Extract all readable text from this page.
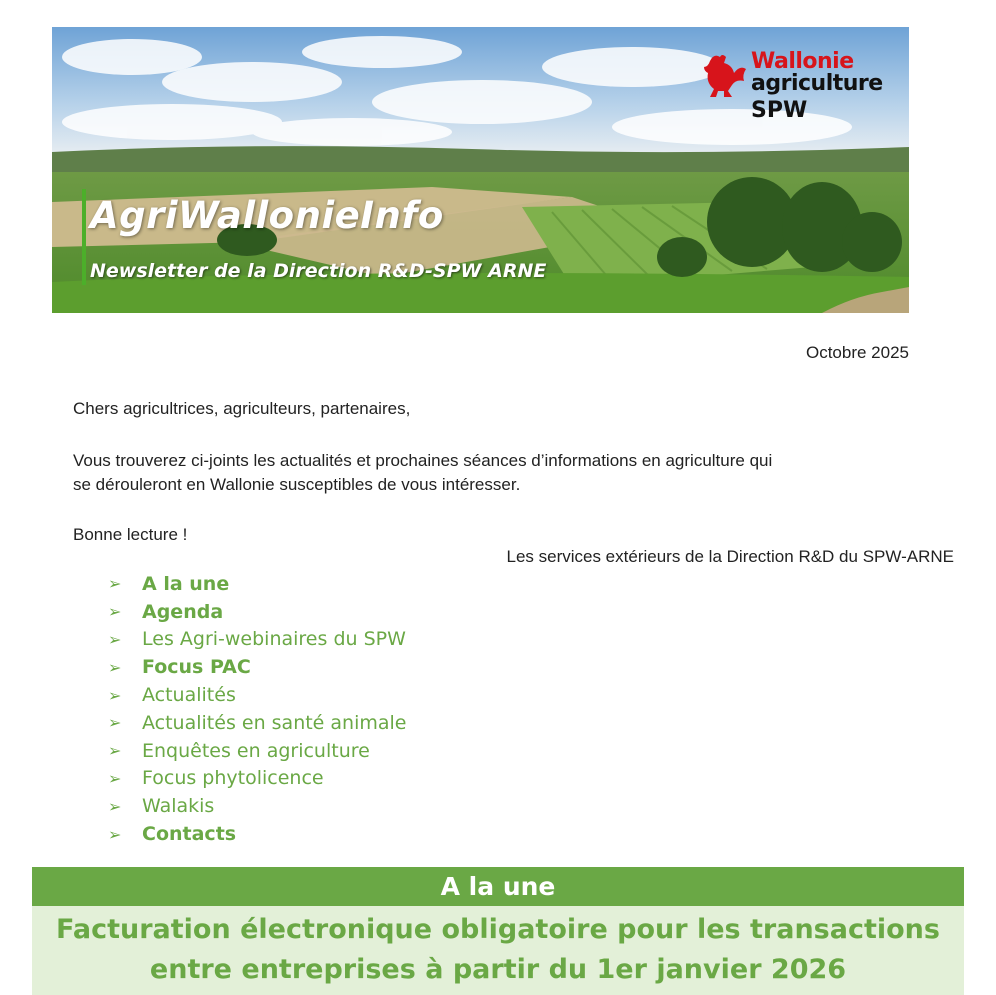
AgriWallonieInfo
Newsletter de la Direction R&D-SPW ARNE
Wallonie
agriculture
SPW
Octobre 2025
Chers agricultrices, agriculteurs, partenaires,
Vous trouverez ci-joints les actualités et prochaines séances d’informations en agriculture qui
se dérouleront en Wallonie susceptibles de vous intéresser.
Bonne lecture !
Les services extérieurs de la Direction R&D du SPW-ARNE
➢	A la une
➢	Agenda
➢	Les Agri-webinaires du SPW
➢	Focus PAC
➢	Actualités
➢	Actualités en santé animale
➢	Enquêtes en agriculture
➢	Focus phytolicence
➢	Walakis
➢	Contacts
A la une
Facturation électronique obligatoire pour les transactions
entre entreprises à partir du 1er janvier 2026
